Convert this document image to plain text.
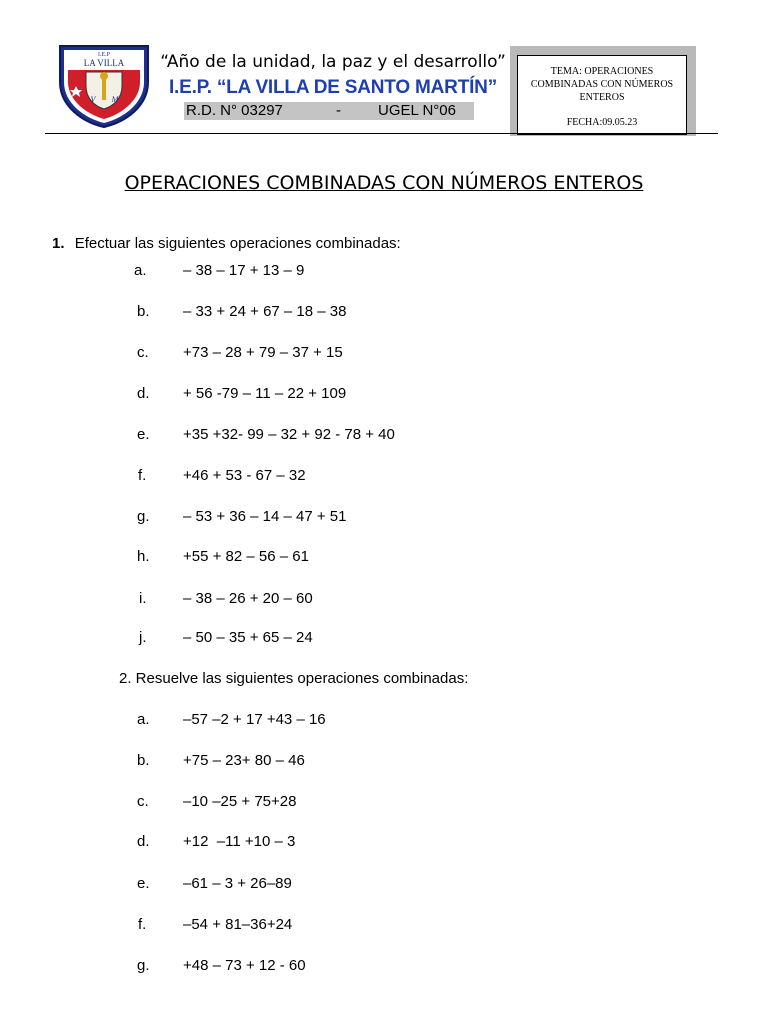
I.E.P
LA VILLA
V M
“Año de la unidad, la paz y el desarrollo”
I.E.P. “LA VILLA DE SANTO MARTÍN”
R.D. N° 03297	- UGEL N°06
TEMA: OPERACIONES COMBINADAS CON NÚMEROS ENTEROS
FECHA:09.05.23
OPERACIONES COMBINADAS CON NÚMEROS ENTEROS
1. Efectuar las siguientes operaciones combinadas:
a. – 38 – 17 + 13 – 9
b. – 33 + 24 + 67 – 18 – 38
c. +73 – 28 + 79 – 37 + 15
d. + 56 -79 – 11 – 22 + 109
e. +35 +32- 99 – 32 + 92 - 78 + 40
f.	+46 + 53 - 67 – 32
g. – 53 + 36 – 14 – 47 + 51
h. +55 + 82 – 56 – 61
i.	– 38 – 26 + 20 – 60
j.	– 50 – 35 + 65 – 24
2. Resuelve las siguientes operaciones combinadas:
a. –57 –2 + 17 +43 – 16
b. +75 – 23+ 80 – 46
c. –10 –25 + 75+28
d. +12  –11 +10 – 3
e. –61 – 3 + 26–89
f.	–54 + 81–36+24
g. +48 – 73 + 12 - 60
